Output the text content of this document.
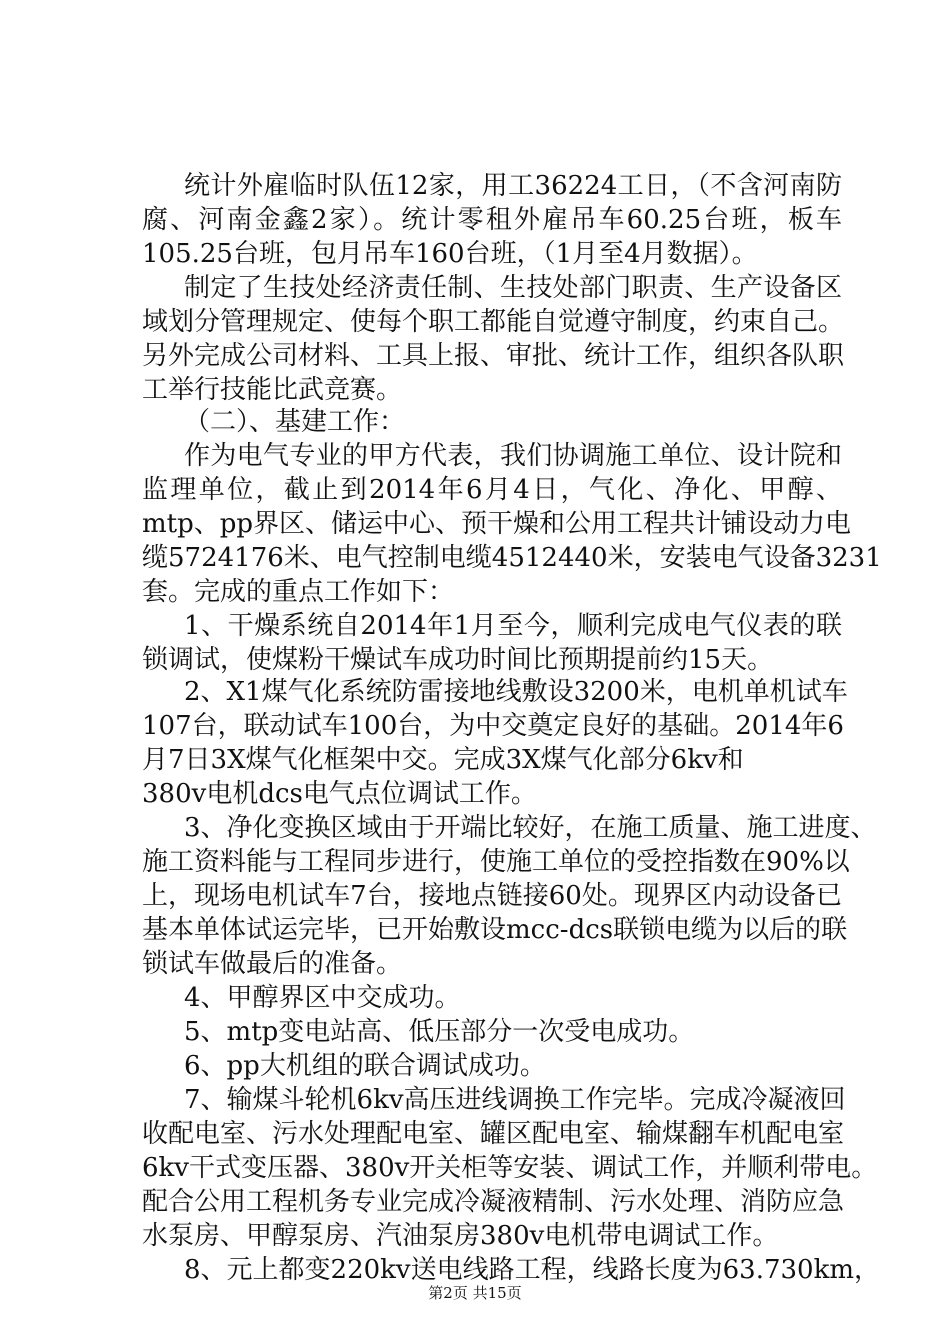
统计外雇临时队伍12家，用工36224工日，（不含河南防
腐、河南金鑫2家）。统计零租外雇吊车60.25台班，板车
105.25台班，包月吊车160台班，（1月至4月数据）。
制定了生技处经济责任制、生技处部门职责、生产设备区
域划分管理规定、使每个职工都能自觉遵守制度，约束自己。
另外完成公司材料、工具上报、审批、统计工作，组织各队职
工举行技能比武竞赛。
（二）、基建工作：
作为电气专业的甲方代表，我们协调施工单位、设计院和
监理单位，截止到2014年6月4日，气化、净化、甲醇、
mtp、pp界区、储运中心、预干燥和公用工程共计铺设动力电
缆5724176米、电气控制电缆4512440米，安装电气设备3231
套。完成的重点工作如下：
1、干燥系统自2014年1月至今，顺利完成电气仪表的联
锁调试，使煤粉干燥试车成功时间比预期提前约15天。
2、X1煤气化系统防雷接地线敷设3200米，电机单机试车
107台，联动试车100台，为中交奠定良好的基础。2014年6
月7日3X煤气化框架中交。完成3X煤气化部分6kv和
380v电机dcs电气点位调试工作。
3、净化变换区域由于开端比较好，在施工质量、施工进度、
施工资料能与工程同步进行，使施工单位的受控指数在90%以
上，现场电机试车7台，接地点链接60处。现界区内动设备已
基本单体试运完毕，已开始敷设mcc-dcs联锁电缆为以后的联
锁试车做最后的准备。
4、甲醇界区中交成功。
5、mtp变电站高、低压部分一次受电成功。
6、pp大机组的联合调试成功。
7、输煤斗轮机6kv高压进线调换工作完毕。完成冷凝液回
收配电室、污水处理配电室、罐区配电室、输煤翻车机配电室
6kv干式变压器、380v开关柜等安装、调试工作，并顺利带电。
配合公用工程机务专业完成冷凝液精制、污水处理、消防应急
水泵房、甲醇泵房、汽油泵房380v电机带电调试工作。
8、元上都变220kv送电线路工程，线路长度为63.730km，
第2页 共15页
